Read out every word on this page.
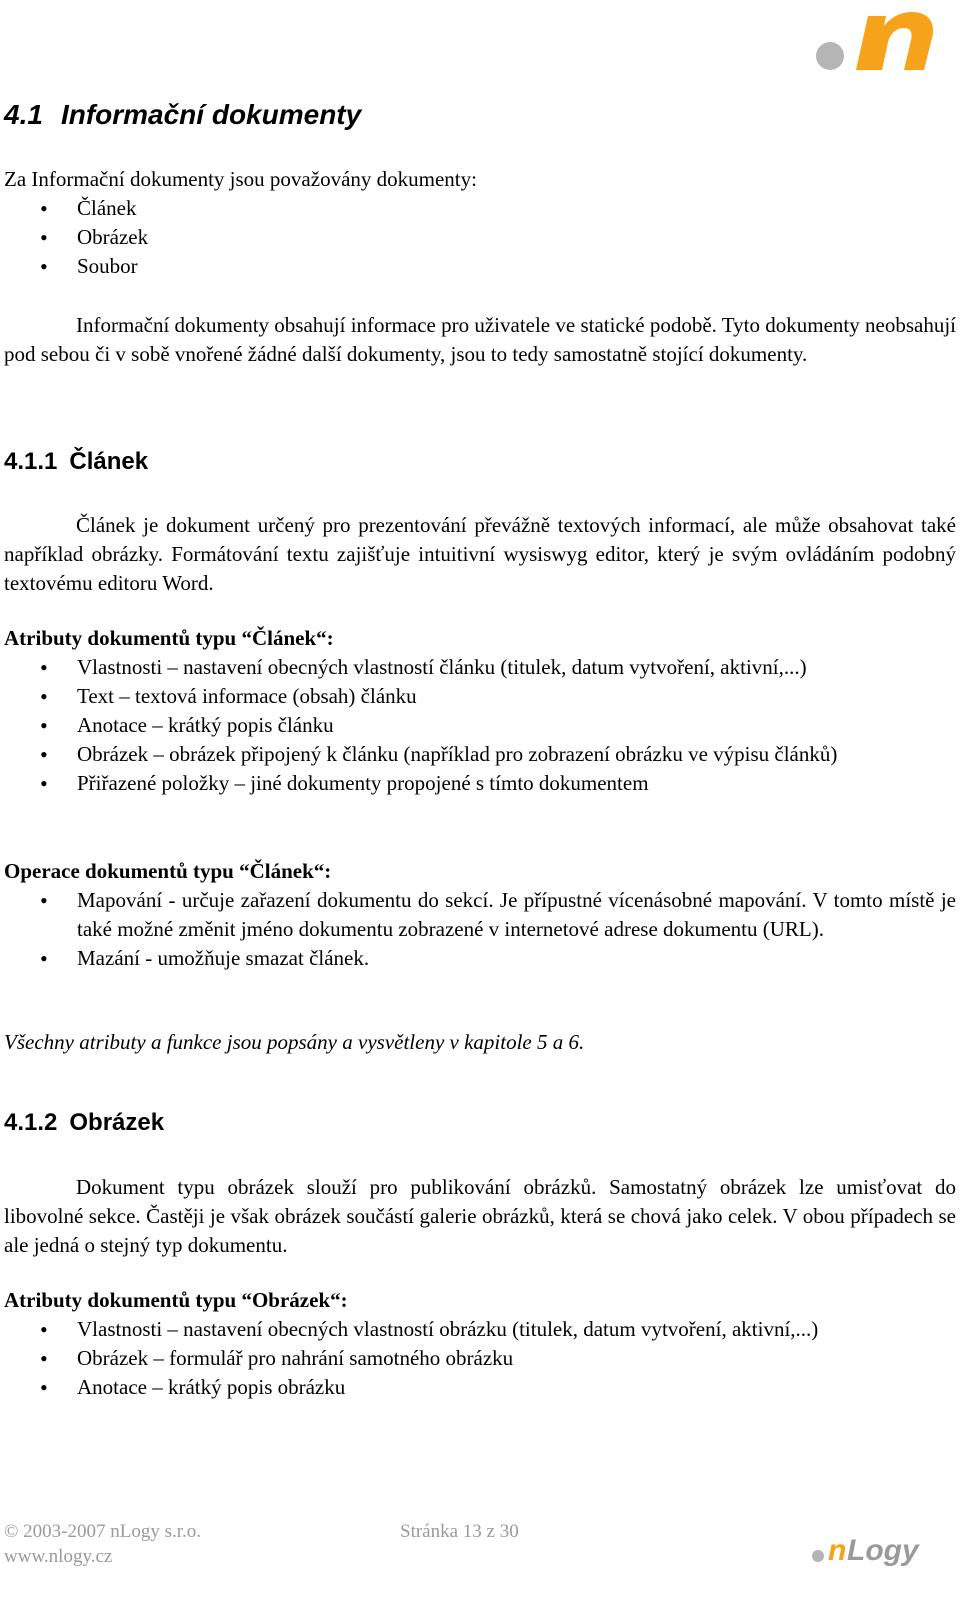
4.1 Informační dokumenty

Za Informační dokumenty jsou považovány dokumenty:

• Článek
• Obrázek
• Soubor

Informační dokumenty obsahují informace pro uživatele ve statické podobě. Tyto dokumenty neobsahují pod sebou či v sobě vnořené žádné další dokumenty, jsou to tedy samostatně stojící dokumenty.

4.1.1 Článek

Článek je dokument určený pro prezentování převážně textových informací, ale může obsahovat také například obrázky. Formátování textu zajišťuje intuitivní wysiswyg editor, který je svým ovládáním podobný textovému editoru Word.

Atributy dokumentů typu “Článek“:

• Vlastnosti – nastavení obecných vlastností článku (titulek, datum vytvoření, aktivní,...)
• Text – textová informace (obsah) článku
• Anotace – krátký popis článku
• Obrázek – obrázek připojený k článku (například pro zobrazení obrázku ve výpisu článků)
• Přiřazené položky – jiné dokumenty propojené s tímto dokumentem

Operace dokumentů typu “Článek“:

• Mapování - určuje zařazení dokumentu do sekcí. Je přípustné vícenásobné mapování. V tomto místě je také možné změnit jméno dokumentu zobrazené v internetové adrese dokumentu (URL).
• Mazání - umožňuje smazat článek.

Všechny atributy a funkce jsou popsány a vysvětleny v kapitole 5 a 6.

4.1.2 Obrázek

Dokument typu obrázek slouží pro publikování obrázků. Samostatný obrázek lze umisťovat do libovolné sekce. Častěji je však obrázek součástí galerie obrázků, která se chová jako celek. V obou případech se ale jedná o stejný typ dokumentu.

Atributy dokumentů typu “Obrázek“:

• Vlastnosti – nastavení obecných vlastností obrázku (titulek, datum vytvoření, aktivní,...)
• Obrázek – formulář pro nahrání samotného obrázku
• Anotace – krátký popis obrázku
© 2003-2007 nLogy s.r.o.	Stránka 13 z 30
www.nlogy.cz	n Logy
